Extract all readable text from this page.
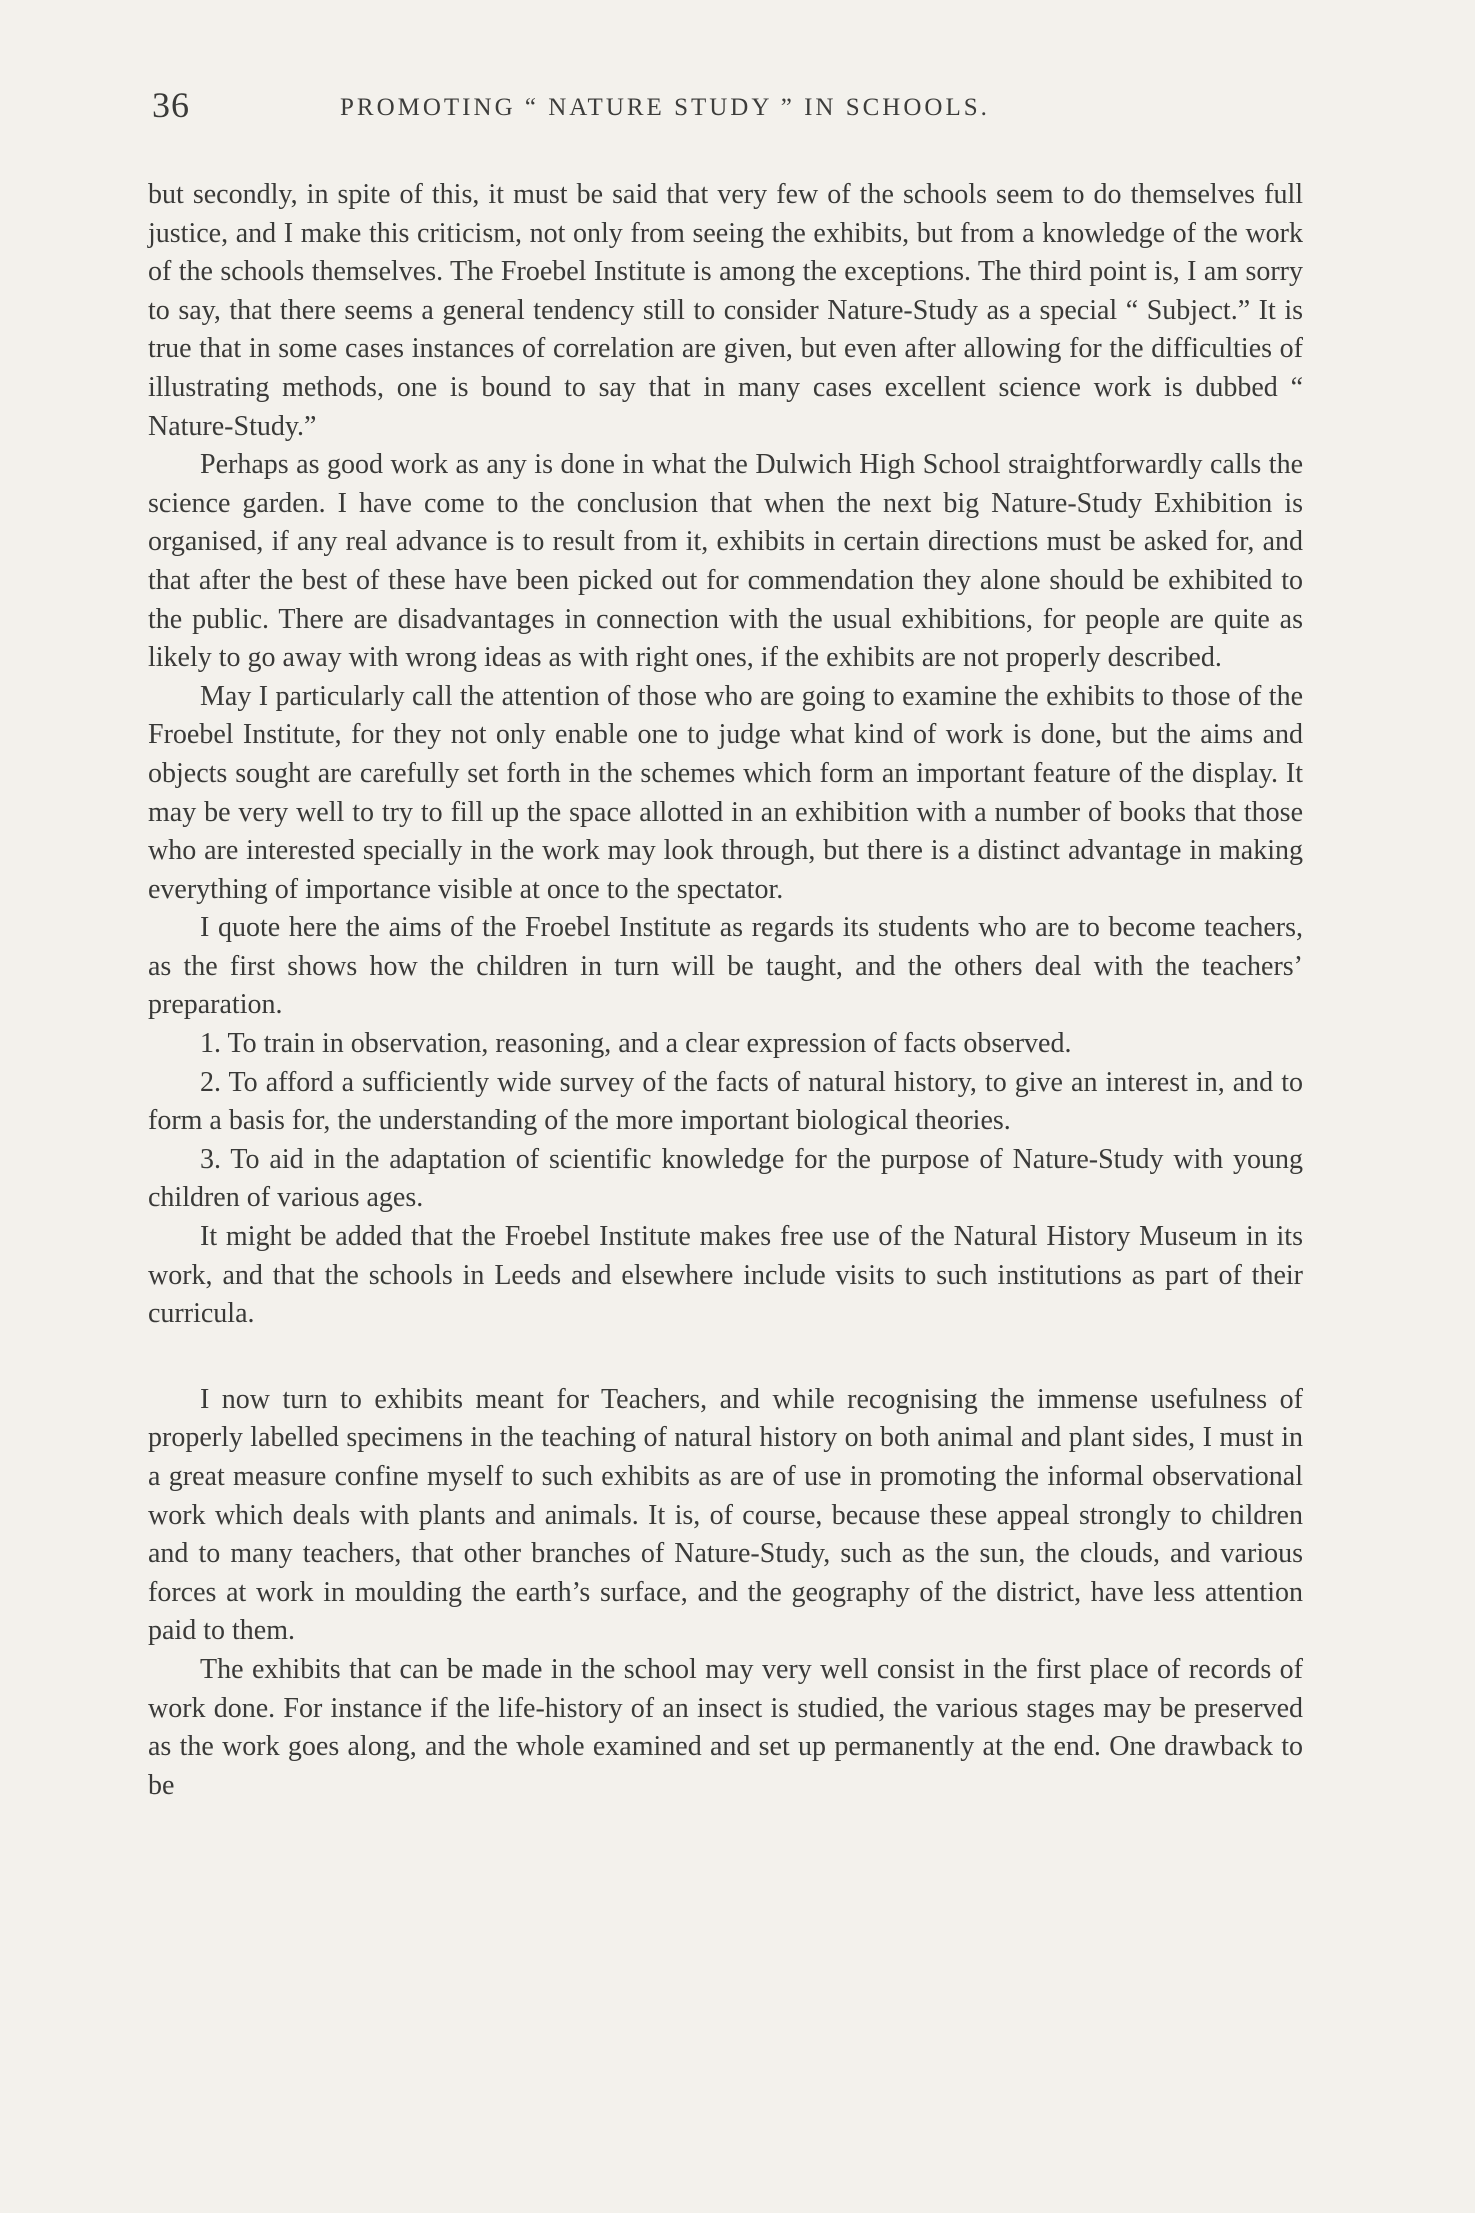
36	PROMOTING “ NATURE STUDY ” IN SCHOOLS.

but secondly, in spite of this, it must be said that very few of the schools seem to do themselves full justice, and I make this criticism, not only from seeing the exhibits, but from a knowledge of the work of the schools themselves. The Froebel Institute is among the exceptions. The third point is, I am sorry to say, that there seems a general tendency still to consider Nature-Study as a special “ Subject.” It is true that in some cases instances of correlation are given, but even after allowing for the difficulties of illustrating methods, one is bound to say that in many cases excellent science work is dubbed “ Nature-Study.”

Perhaps as good work as any is done in what the Dulwich High School straightforwardly calls the science garden. I have come to the conclusion that when the next big Nature-Study Exhibition is organised, if any real advance is to result from it, exhibits in certain directions must be asked for, and that after the best of these have been picked out for commendation they alone should be exhibited to the public. There are disadvantages in connection with the usual exhibitions, for people are quite as likely to go away with wrong ideas as with right ones, if the exhibits are not properly described.

May I particularly call the attention of those who are going to examine the exhibits to those of the Froebel Institute, for they not only enable one to judge what kind of work is done, but the aims and objects sought are carefully set forth in the schemes which form an important feature of the display. It may be very well to try to fill up the space allotted in an exhibition with a number of books that those who are interested specially in the work may look through, but there is a distinct advantage in making everything of importance visible at once to the spectator.

I quote here the aims of the Froebel Institute as regards its students who are to become teachers, as the first shows how the children in turn will be taught, and the others deal with the teachers’ preparation.

1. To train in observation, reasoning, and a clear expression of facts observed.

2. To afford a sufficiently wide survey of the facts of natural history, to give an interest in, and to form a basis for, the understanding of the more important biological theories.

3. To aid in the adaptation of scientific knowledge for the purpose of Nature-Study with young children of various ages.

It might be added that the Froebel Institute makes free use of the Natural History Museum in its work, and that the schools in Leeds and elsewhere include visits to such institutions as part of their curricula.

I now turn to exhibits meant for Teachers, and while recognising the immense usefulness of properly labelled specimens in the teaching of natural history on both animal and plant sides, I must in a great measure confine myself to such exhibits as are of use in promoting the informal observational work which deals with plants and animals. It is, of course, because these appeal strongly to children and to many teachers, that other branches of Nature-Study, such as the sun, the clouds, and various forces at work in moulding the earth’s surface, and the geography of the district, have less attention paid to them.

The exhibits that can be made in the school may very well consist in the first place of records of work done. For instance if the life-history of an insect is studied, the various stages may be preserved as the work goes along, and the whole examined and set up permanently at the end. One drawback to be
